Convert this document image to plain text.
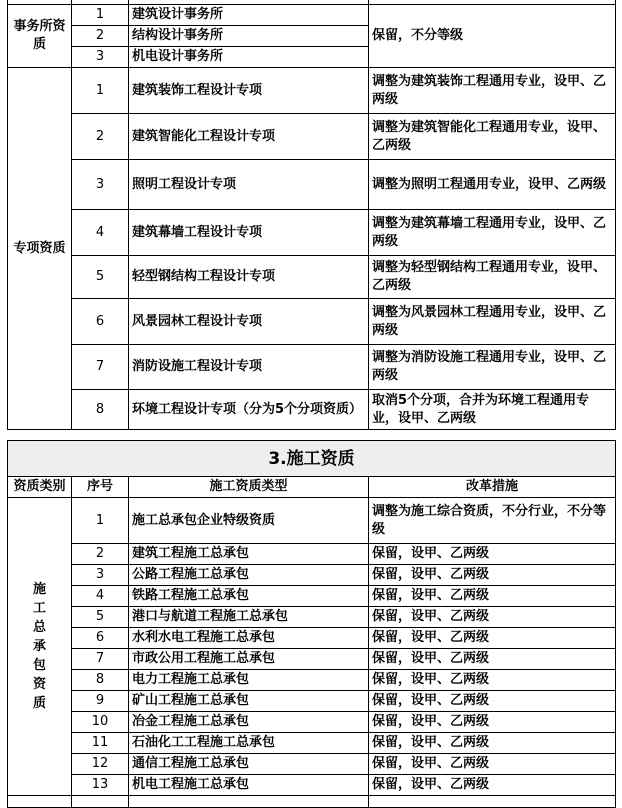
事务所资质	1	建筑设计事务所	保留，不分等级
	2	结构设计事务所	
	3	机电设计事务所	
专项资质	1	建筑装饰工程设计专项	调整为建筑装饰工程通用专业，设甲、乙两级
	2	建筑智能化工程设计专项	调整为建筑智能化工程通用专业，设甲、乙两级
	3	照明工程设计专项	调整为照明工程通用专业，设甲、乙两级
	4	建筑幕墙工程设计专项	调整为建筑幕墙工程通用专业，设甲、乙两级
	5	轻型钢结构工程设计专项	调整为轻型钢结构工程通用专业，设甲、乙两级
	6	风景园林工程设计专项	调整为风景园林工程通用专业，设甲、乙两级
	7	消防设施工程设计专项	调整为消防设施工程通用专业，设甲、乙两级
	8	环境工程设计专项（分为5个分项资质）	取消5个分项，合并为环境工程通用专业，设甲、乙两级
3.施工资质			
资质类别	序号	施工资质类型	改革措施

施工总承包资质	1	施工总承包企业特级资质	调整为施工综合资质，不分行业，不分等级
	2	建筑工程施工总承包	保留，设甲、乙两级
	3	公路工程施工总承包	保留，设甲、乙两级
	4	铁路工程施工总承包	保留，设甲、乙两级
	5	港口与航道工程施工总承包	保留，设甲、乙两级
	6	水利水电工程施工总承包	保留，设甲、乙两级
	7	市政公用工程施工总承包	保留，设甲、乙两级
	8	电力工程施工总承包	保留，设甲、乙两级
	9	矿山工程施工总承包	保留，设甲、乙两级
	10	冶金工程施工总承包	保留，设甲、乙两级
	11	石油化工工程施工总承包	保留，设甲、乙两级
	12	通信工程施工总承包	保留，设甲、乙两级
	13	机电工程施工总承包	保留，设甲、乙两级
